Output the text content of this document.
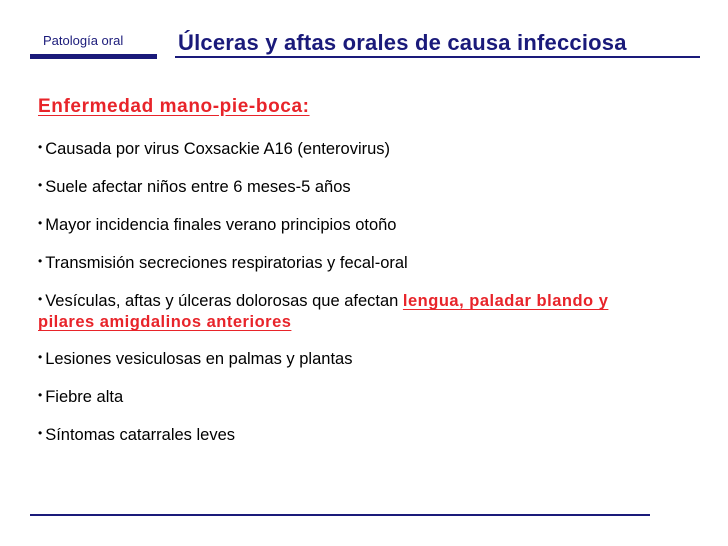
Patología oral Úlceras y aftas orales de causa infecciosa
Enfermedad mano-pie-boca:
• Causada por virus Coxsackie A16 (enterovirus)
• Suele afectar niños entre 6 meses-5 años
• Mayor incidencia finales verano principios otoño
• Transmisión secreciones respiratorias y fecal-oral
• Vesículas, aftas y úlceras dolorosas que afectan lengua, paladar blando y pilares amigdalinos anteriores
• Lesiones vesiculosas en palmas y plantas
• Fiebre alta
• Síntomas catarrales leves
